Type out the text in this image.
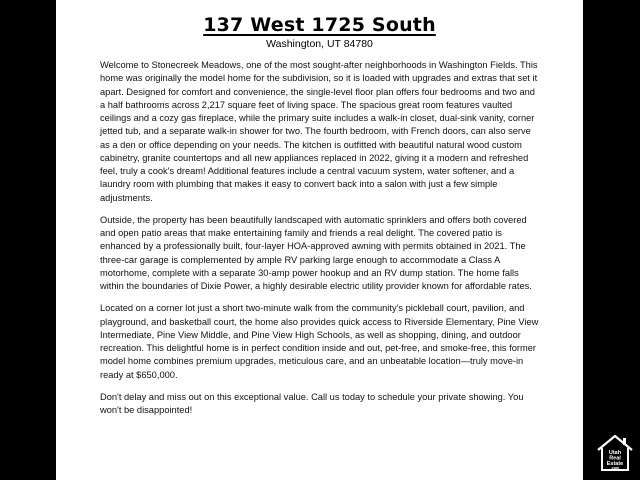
137 West 1725 South
Washington, UT 84780

Welcome to Stonecreek Meadows, one of the most sought-after neighborhoods in Washington Fields. This home was originally the model home for the subdivision, so it is loaded with upgrades and extras that set it apart. Designed for comfort and convenience, the single-level floor plan offers four bedrooms and two and a half bathrooms across 2,217 square feet of living space. The spacious great room features vaulted ceilings and a cozy gas fireplace, while the primary suite includes a walk-in closet, dual-sink vanity, corner jetted tub, and a separate walk-in shower for two. The fourth bedroom, with French doors, can also serve as a den or office depending on your needs. The kitchen is outfitted with beautiful natural wood custom cabinetry, granite countertops and all new appliances replaced in 2022, giving it a modern and refreshed feel, truly a cook's dream! Additional features include a central vacuum system, water softener, and a laundry room with plumbing that makes it easy to convert back into a salon with just a few simple adjustments.

Outside, the property has been beautifully landscaped with automatic sprinklers and offers both covered and open patio areas that make entertaining family and friends a real delight. The covered patio is enhanced by a professionally built, four-layer HOA-approved awning with permits obtained in 2021. The three-car garage is complemented by ample RV parking large enough to accommodate a Class A motorhome, complete with a separate 30-amp power hookup and an RV dump station. The home falls within the boundaries of Dixie Power, a highly desirable electric utility provider known for affordable rates.

Located on a corner lot just a short two-minute walk from the community's pickleball court, pavilion, and playground, and basketball court, the home also provides quick access to Riverside Elementary, Pine View Intermediate, Pine View Middle, and Pine View High Schools, as well as shopping, dining, and outdoor recreation. This delightful home is in perfect condition inside and out, pet-free, and smoke-free, this former model home combines premium upgrades, meticulous care, and an unbeatable location—truly move-in ready at $650,000.

Don't delay and miss out on this exceptional value. Call us today to schedule your private showing. You won't be disappointed!

Utah
Real
Estate
.com
